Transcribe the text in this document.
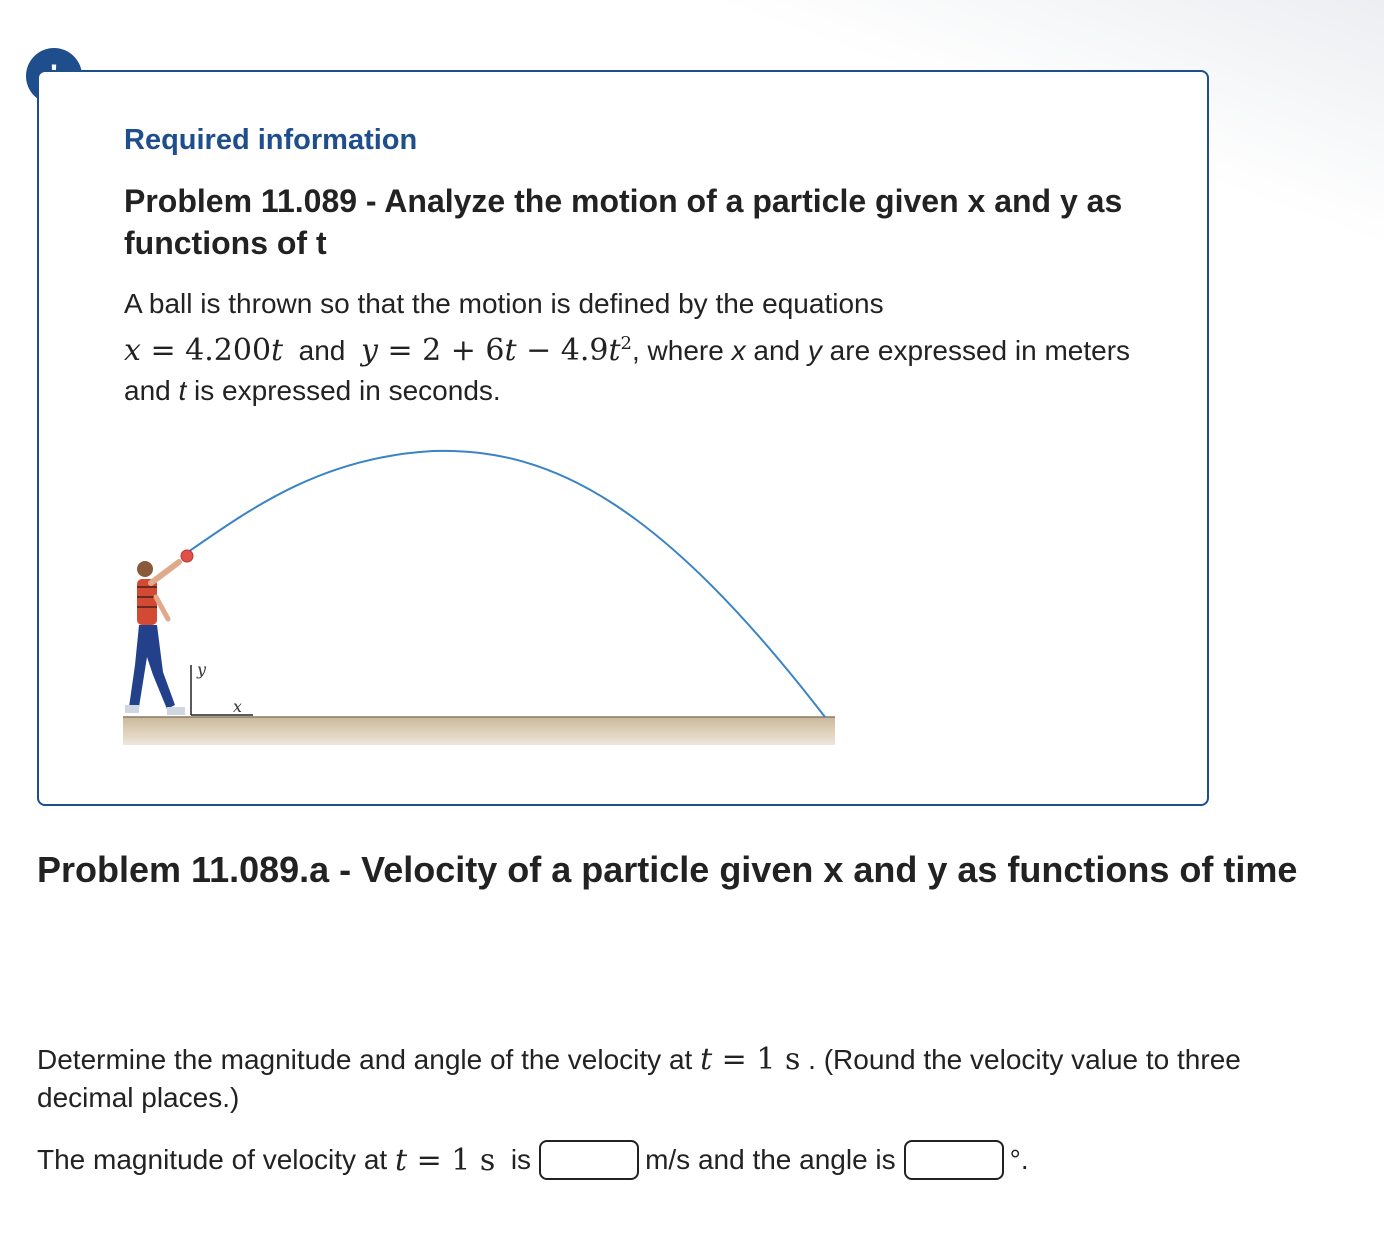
Required information
Problem 11.089 - Analyze the motion of a particle given x and y as functions of t
A ball is thrown so that the motion is defined by the equations
x = 4.200t and $y = 2 + 6t - 4.9t^2$, where x and y are expressed in meters and t is expressed in seconds.
y
x
Problem 11.089.a - Velocity of a particle given x and y as functions of time
Determine the magnitude and angle of the velocity at t = 1 s . (Round the velocity value to three decimal places.)
The magnitude of velocity at t = 1 s is	m/s and the angle is	°.
